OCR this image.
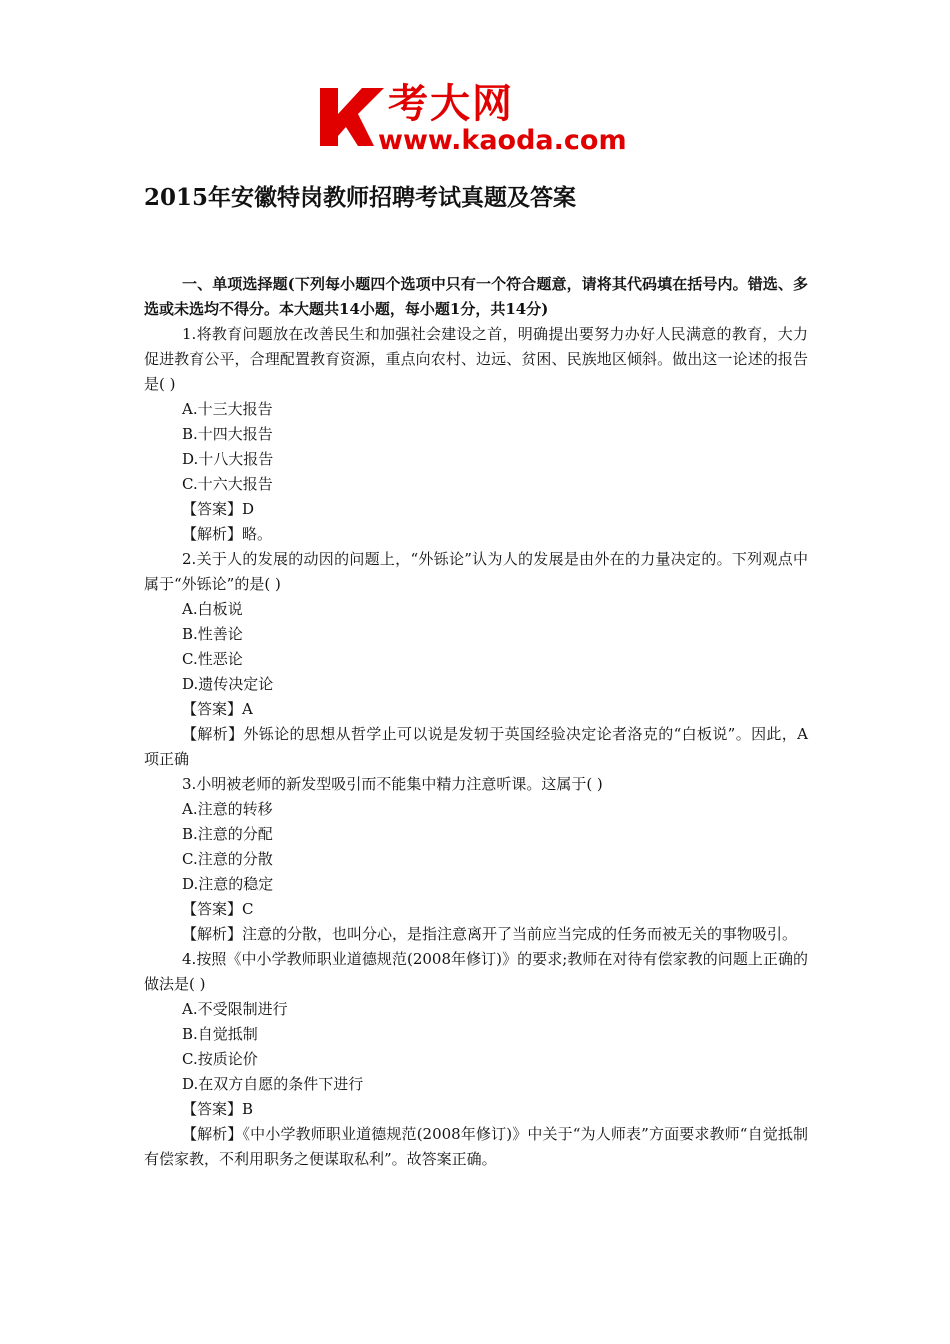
考大网
www.kaoda.com
2015年安徽特岗教师招聘考试真题及答案

一、单项选择题(下列每小题四个选项中只有一个符合题意，请将其代码填在括号内。错选、多选或未选均不得分。本大题共14小题，每小题1分，共14分)

1.将教育问题放在改善民生和加强社会建设之首，明确提出要努力办好人民满意的教育，大力促进教育公平，合理配置教育资源，重点向农村、边远、贫困、民族地区倾斜。做出这一论述的报告是( )

A.十三大报告

B.十四大报告

D.十八大报告

C.十六大报告

【答案】D

【解析】略。

2.关于人的发展的动因的问题上，“外铄论”认为人的发展是由外在的力量决定的。下列观点中属于“外铄论”的是( )

A.白板说

B.性善论

C.性恶论

D.遗传决定论

【答案】A

【解析】外铄论的思想从哲学止可以说是发轫于英国经验决定论者洛克的“白板说”。因此，A项正确

3.小明被老师的新发型吸引而不能集中精力注意听课。这属于( )

A.注意的转移

B.注意的分配

C.注意的分散

D.注意的稳定

【答案】C

【解析】注意的分散，也叫分心，是指注意离开了当前应当完成的任务而被无关的事物吸引。

4.按照《中小学教师职业道德规范(2008年修订)》的要求;教师在对待有偿家教的问题上正确的做法是( )

A.不受限制进行

B.自觉抵制

C.按质论价

D.在双方自愿的条件下进行

【答案】B

【解析】《中小学教师职业道德规范(2008年修订)》中关于“为人师表”方面要求教师“自觉抵制有偿家教，不利用职务之便谋取私利”。故答案正确。
